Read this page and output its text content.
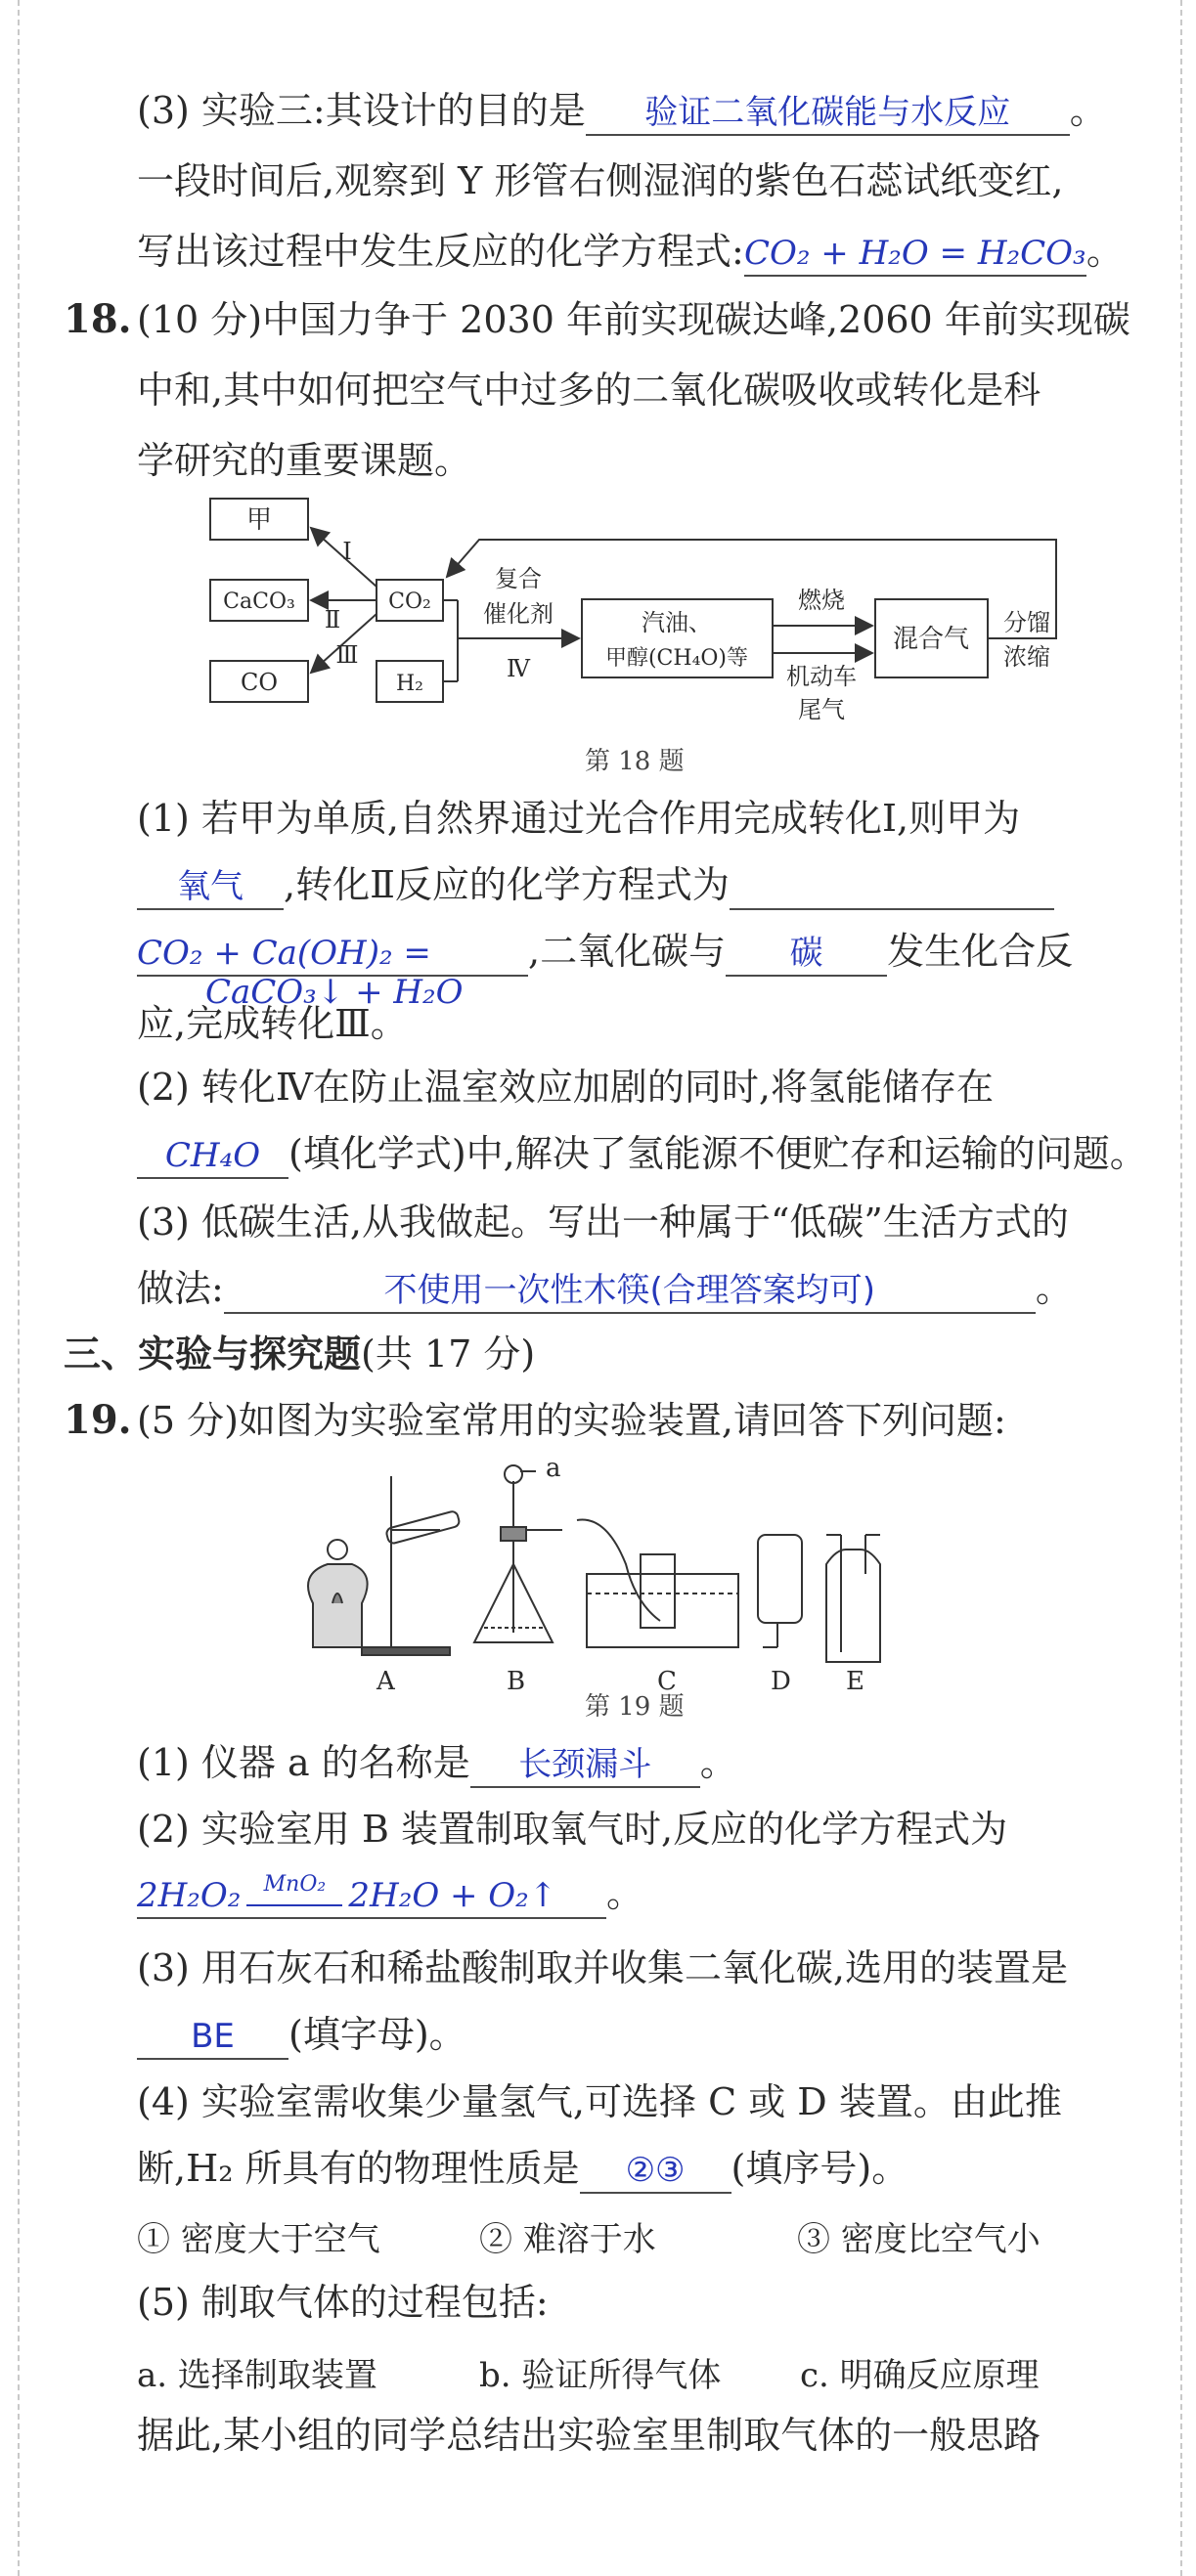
(3) 实验三:其设计的目的是 验证二氧化碳能与水反应 。
一段时间后,观察到 Y 形管右侧湿润的紫色石蕊试纸变红,
写出该过程中发生反应的化学方程式:CO₂ + H₂O = H₂CO₃。
18. (10 分)中国力争于 2030 年前实现碳达峰,2060 年前实现碳
中和,其中如何把空气中过多的二氧化碳吸收或转化是科
学研究的重要课题。
甲
CaCO₃
CO
CO₂
H₂
Ⅰ
Ⅱ
Ⅲ
复合
催化剂
Ⅳ
汽油、
甲醇(CH₄O)等
燃烧
机动车
尾气
混合气
分馏
浓缩
第 18 题
(1) 若甲为单质,自然界通过光合作用完成转化Ⅰ,则甲为
氧气 ,转化Ⅱ反应的化学方程式为
CO₂ + Ca(OH)₂ =	,二氧化碳与 碳 发生化合反
CaCO₃↓ + H₂O
应,完成转化Ⅲ。
(2) 转化Ⅳ在防止温室效应加剧的同时,将氢能储存在
CH₄O (填化学式)中,解决了氢能源不便贮存和运输的问题。
(3) 低碳生活,从我做起。写出一种属于“低碳”生活方式的
做法:	不使用一次性木筷(合理答案均可)	。
三、实验与探究题(共 17 分)
19. (5 分)如图为实验室常用的实验装置,请回答下列问题:
a
A	B	C	D E
第 19 题
(1) 仪器 a 的名称是 长颈漏斗 。
(2) 实验室用 B 装置制取氧气时,反应的化学方程式为
2H₂O₂	MnO₂ 2H₂O + O₂↑ 。
(3) 用石灰石和稀盐酸制取并收集二氧化碳,选用的装置是
BE (填字母)。
(4) 实验室需收集少量氢气,可选择 C 或 D 装置。由此推
断,H₂ 所具有的物理性质是 ②③ (填序号)。
① 密度大于空气	② 难溶于水	③ 密度比空气小
(5) 制取气体的过程包括:
a. 选择制取装置	b. 验证所得气体 c. 明确反应原理
据此,某小组的同学总结出实验室里制取气体的一般思路
